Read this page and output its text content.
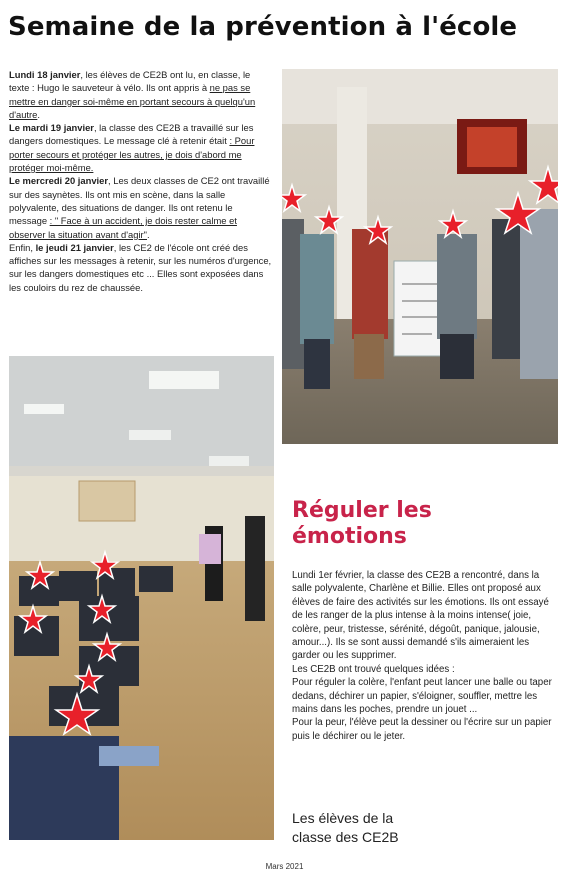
Semaine de la prévention à l'école

Lundi 18 janvier, les élèves de CE2B ont lu, en classe, le texte : Hugo le sauveteur à vélo. Ils ont appris à ne pas se mettre en danger soi-même en portant secours à quelqu'un d'autre.

Le mardi 19 janvier, la classe des CE2B a travaillé sur les dangers domestiques. Le message clé à retenir était : Pour porter secours et protéger les autres, je dois d'abord me protéger moi-même.

Le mercredi 20 janvier, Les deux classes de CE2 ont travaillé sur des saynètes. Ils ont mis en scène, dans la salle polyvalente, des situations de danger. Ils ont retenu le message : " Face à un accident, je dois rester calme et observer la situation avant d'agir".

Enfin, le jeudi 21 janvier, les CE2 de l'école ont créé des affiches sur les messages à retenir, sur les numéros d'urgence, sur les dangers domestiques etc ... Elles sont exposées dans les couloirs du rez de chaussée.

Réguler les émotions

Lundi 1er février, la classe des CE2B a rencontré, dans la salle polyvalente, Charlène et Billie. Elles ont proposé aux élèves de faire des activités sur les émotions. Ils ont essayé de les ranger de la plus intense à la moins intense( joie, colère, peur, tristesse, sérénité, dégoût, panique, jalousie, amour...). Ils se sont aussi demandé s'ils aimeraient les garder ou les supprimer.

Les CE2B ont trouvé quelques idées :

Pour réguler la colère, l'enfant peut lancer une balle ou taper dedans, déchirer un papier, s'éloigner, souffler, mettre les mains dans les poches, prendre un jouet ...

Pour la peur, l'élève peut la dessiner ou l'écrire sur un papier puis le déchirer ou le jeter.

Les élèves de la
classe des CE2B
Mars 2021
